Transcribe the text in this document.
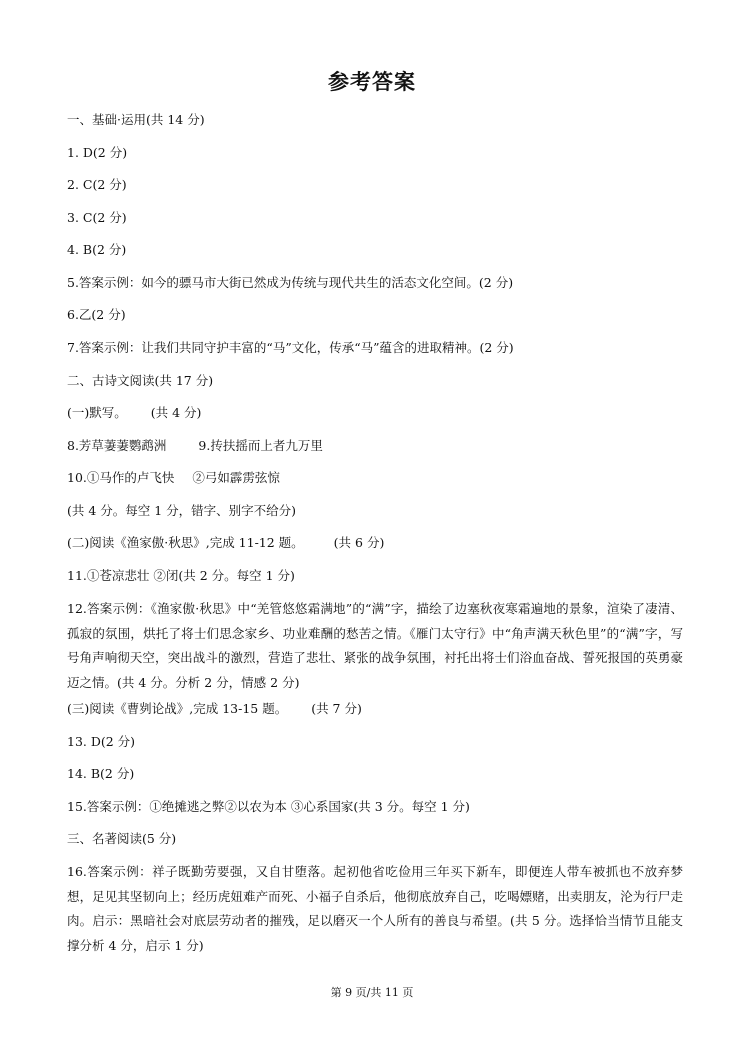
参考答案
一、基础·运用(共 14 分)
1. D(2 分)
2. C(2 分)
3. C(2 分)
4. B(2 分)
5.答案示例：如今的骠马市大街已然成为传统与现代共生的活态文化空间。(2 分)
6.乙(2 分)
7.答案示例：让我们共同守护丰富的“马”文化，传承“马”蕴含的进取精神。(2 分)
二、古诗文阅读(共 17 分)
(一)默写。 (共 4 分)
8.芳草萋萋鹦鹉洲	9.抟扶摇而上者九万里
10.①马作的卢飞快 ②弓如霹雳弦惊
(共 4 分。每空 1 分，错字、别字不给分)
(二)阅读《渔家傲·秋思》,完成 11-12 题。 (共 6 分)
11.①苍凉悲壮 ②闭(共 2 分。每空 1 分)
12.答案示例：《渔家傲·秋思》中“羌管悠悠霜满地”的“满”字，描绘了边塞秋夜寒霜遍地的景象，渲染了凄清、孤寂的氛围，烘托了将士们思念家乡、功业难酬的愁苦之情。《雁门太守行》中“角声满天秋色里”的“满”字，写号角声响彻天空，突出战斗的激烈，营造了悲壮、紧张的战争氛围，衬托出将士们浴血奋战、誓死报国的英勇豪迈之情。(共 4 分。分析 2 分，情感 2 分)
(三)阅读《曹刿论战》,完成 13-15 题。 (共 7 分)
13. D(2 分)
14. B(2 分)
15.答案示例：①绝摊逃之弊②以农为本 ③心系国家(共 3 分。每空 1 分)
三、名著阅读(5 分)
16.答案示例：祥子既勤劳要强，又自甘堕落。起初他省吃俭用三年买下新车，即便连人带车被抓也不放弃梦想，足见其坚韧向上；经历虎妞难产而死、小福子自杀后，他彻底放弃自己，吃喝嫖赌，出卖朋友，沦为行尸走肉。启示：黑暗社会对底层劳动者的摧残，足以磨灭一个人所有的善良与希望。(共 5 分。选择恰当情节且能支撑分析 4 分，启示 1 分)
第 9 页/共 11 页
